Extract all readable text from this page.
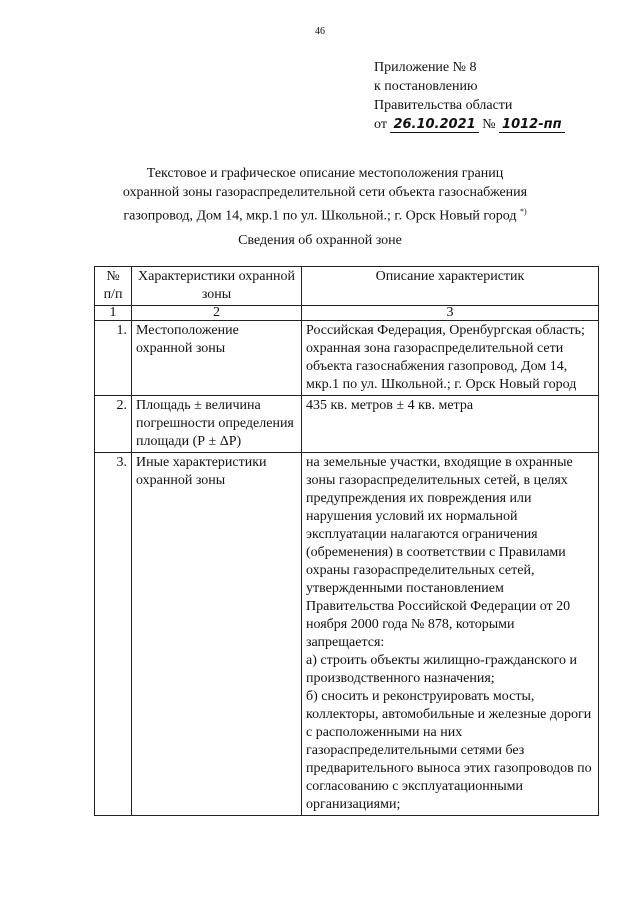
46
Приложение № 8
к постановлению
Правительства области
от 26.10.2021 № 1012-пп
Текстовое и графическое описание местоположения границ
охранной зоны газораспределительной сети объекта газоснабжения
газопровод, Дом 14, мкр.1 по ул. Школьной.; г. Орск Новый город *)
Сведения об охранной зоне
№ п/п	Характеристики охранной зоны	Описание характеристик
1	2	3
1.	Местоположение охранной зоны	Российская Федерация, Оренбургская область; охранная зона газораспределительной сети объекта газоснабжения газопровод, Дом 14, мкр.1 по ул. Школьной.; г. Орск Новый город
2.	Площадь ± величина погрешности определения площади (Р ± ΔР)	435 кв. метров ± 4 кв. метра
3.	Иные характеристики охранной зоны	на земельные участки, входящие в охранные зоны газораспределительных сетей, в целях предупреждения их повреждения или нарушения условий их нормальной эксплуатации налагаются ограничения (обременения) в соответствии с Правилами охраны газораспределительных сетей, утвержденными постановлением Правительства Российской Федерации от 20 ноября 2000 года № 878, которыми запрещается:
а) строить объекты жилищно-гражданского и производственного назначения;
б) сносить и реконструировать мосты, коллекторы, автомобильные и железные дороги с расположенными на них газораспределительными сетями без предварительного выноса этих газопроводов по согласованию с эксплуатационными организациями;
